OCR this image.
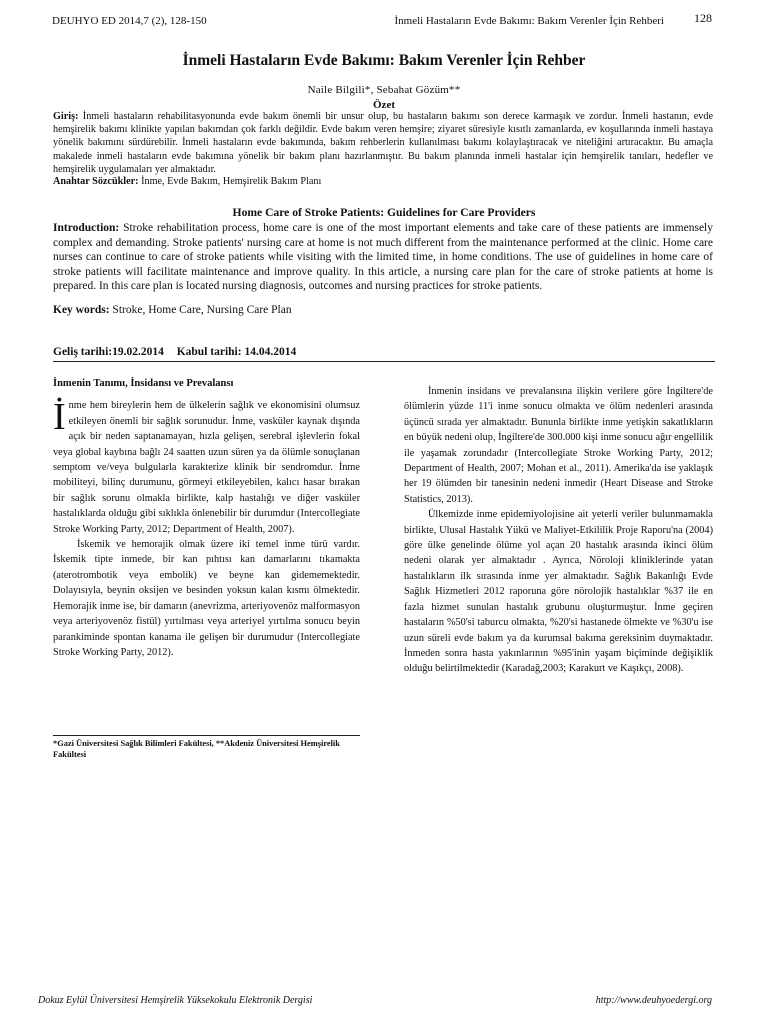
DEUHYO ED 2014,7 (2), 128-150	İnmeli Hastaların Evde Bakımı: Bakım Verenler İçin Rehberi	128
İnmeli Hastaların Evde Bakımı: Bakım Verenler İçin Rehber
Naile Bilgili*, Sebahat Gözüm**
Özet
Giriş: İnmeli hastaların rehabilitasyonunda evde bakım önemli bir unsur olup, bu hastaların bakımı son derece karmaşık ve zordur. İnmeli hastanın, evde hemşirelik bakımı klinikte yapılan bakımdan çok farklı değildir. Evde bakım veren hemşire; ziyaret süresiyle kısıtlı zamanlarda, ev koşullarında inmeli hastaya yönelik bakımını sürdürebilir. İnmeli hastaların evde bakımında, bakım rehberlerin kullanılması bakımı kolaylaştıracak ve niteliğini artıracaktır. Bu amaçla makalede inmeli hastaların evde bakımına yönelik bir bakım planı hazırlanmıştır. Bu bakım planında inmeli hastalar için hemşirelik tanıları, hedefler ve hemşirelik uygulamaları yer almaktadır.
Anahtar Sözcükler: İnme, Evde Bakım, Hemşirelik Bakım Planı
Home Care of Stroke Patients: Guidelines for Care Providers
Introduction: Stroke rehabilitation process, home care is one of the most important elements and take care of these patients are immensely complex and demanding. Stroke patients' nursing care at home is not much different from the maintenance performed at the clinic. Home care nurses can continue to care of stroke patients while visiting with the limited time, in home conditions. The use of guidelines in home care of stroke patients will facilitate maintenance and improve quality. In this article, a nursing care plan for the care of stroke patients at home is prepared. In this care plan is located nursing diagnosis, outcomes and nursing practices for stroke patients.
Key words: Stroke, Home Care, Nursing Care Plan
Geliş tarihi:19.02.2014 Kabul tarihi: 14.04.2014
İnmenin Tanımı, İnsidansı ve Prevalansı

İnme hem bireylerin hem de ülkelerin sağlık ve ekonomisini olumsuz etkileyen önemli bir sağlık sorunudur. İnme, vasküler kaynak dışında açık bir neden saptanamayan, hızla gelişen, serebral işlevlerin fokal veya global kaybına bağlı 24 saatten uzun süren ya da ölümle sonuçlanan semptom ve/veya bulgularla karakterize klinik bir sendromdur. İnme mobiliteyi, bilinç durumunu, görmeyi etkileyebilen, kalıcı hasar bırakan bir sağlık sorunu olmakla birlikte, kalp hastalığı ve diğer vasküler hastalıklarda olduğu gibi sıklıkla önlenebilir bir durumdur (Intercollegiate Stroke Working Party, 2012; Department of Health, 2007).

İskemik ve hemorajik olmak üzere iki temel inme türü vardır. İskemik tipte inmede, bir kan pıhtısı kan damarlarını tıkamakta (aterotrombotik veya embolik) ve beyne kan gidememektedir. Dolayısıyla, beynin oksijen ve besinden yoksun kalan kısmı ölmektedir. Hemorajik inme ise, bir damarın (anevrizma, arteriyovenöz malformasyon veya arteriyovenöz fistül) yırtılması veya arteriyel yırtılma sonucu beyin parankiminde spontan kanama ile gelişen bir durumudur (Intercollegiate Stroke Working Party, 2012).

İnmenin insidans ve prevalansına ilişkin verilere göre İngiltere'de ölümlerin yüzde 11'i inme sonucu olmakta ve ölüm nedenleri arasında üçüncü sırada yer almaktadır. Bununla birlikte inme yetişkin sakatlıkların en büyük nedeni olup, İngiltere'de 300.000 kişi inme sonucu ağır engellilik ile yaşamak zorundadır (Intercollegiate Stroke Working Party, 2012; Department of Health, 2007; Mohan et al., 2011). Amerika'da ise yaklaşık her 19 ölümden bir tanesinin nedeni inmedir (Heart Disease and Stroke Statistics, 2013).

Ülkemizde inme epidemiyolojisine ait yeterli veriler bulunmamakla birlikte, Ulusal Hastalık Yükü ve Maliyet-Etkililik Proje Raporu'na (2004) göre ülke genelinde ölüme yol açan 20 hastalık arasında ikinci ölüm nedeni olarak yer almaktadır . Ayrıca, Nöroloji kliniklerinde yatan hastalıkların ilk sırasında inme yer almaktadır. Sağlık Bakanlığı Evde Sağlık Hizmetleri 2012 raporuna göre nörolojik hastalıklar %37 ile en fazla hizmet sunulan hastalık grubunu oluşturmuştur. İnme geçiren hastaların %50'si taburcu olmakta, %20'si hastanede ölmekte ve %30'u ise uzun süreli evde bakım ya da kurumsal bakıma gereksinim duymaktadır. İnmeden sonra hasta yakınlarının %95'inin yaşam biçiminde değişiklik olduğu belirtilmektedir (Karadağ,2003; Karakurt ve Kaşıkçı, 2008).

*Gazi Üniversitesi Sağlık Bilimleri Fakültesi, **Akdeniz Üniversitesi Hemşirelik Fakültesi
Dokuz Eylül Üniversitesi Hemşirelik Yüksekokulu Elektronik Dergisi	http://www.deuhyoedergi.org
